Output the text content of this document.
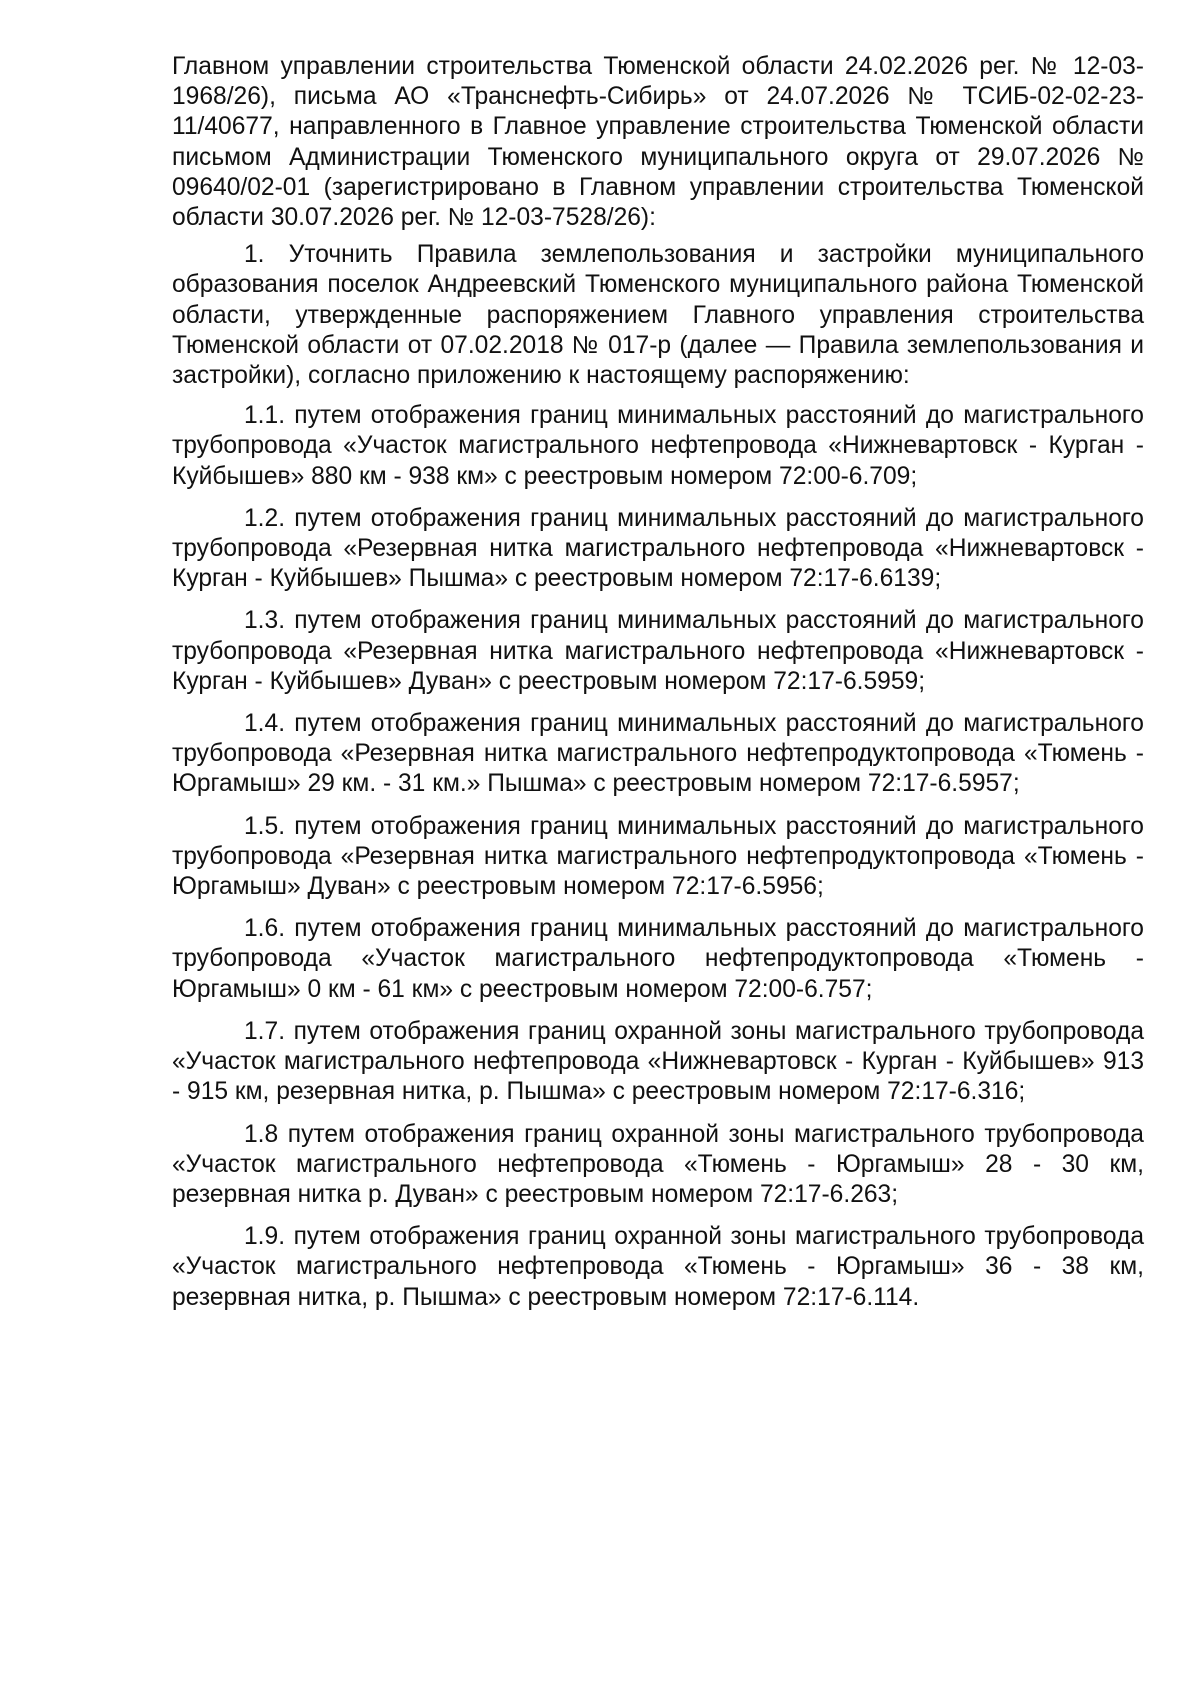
Главном управлении строительства Тюменской области 24.02.2026 рег. № 12-03-1968/26), письма АО «Транснефть-Сибирь» от 24.07.2026 № ТСИБ-02-02-23-11/40677, направленного в Главное управление строительства Тюменской области письмом Администрации Тюменского муниципального округа от 29.07.2026 № 09640/02-01 (зарегистрировано в Главном управлении строительства Тюменской области 30.07.2026 рег. № 12-03-7528/26):

1. Уточнить Правила землепользования и застройки муниципального образования поселок Андреевский Тюменского муниципального района Тюменской области, утвержденные распоряжением Главного управления строительства Тюменской области от 07.02.2018 № 017-р (далее — Правила землепользования и застройки), согласно приложению к настоящему распоряжению:

1.1. путем отображения границ минимальных расстояний до магистрального трубопровода «Участок магистрального нефтепровода «Нижневартовск - Курган - Куйбышев» 880 км - 938 км» с реестровым номером 72:00-6.709;

1.2. путем отображения границ минимальных расстояний до магистрального трубопровода «Резервная нитка магистрального нефтепровода «Нижневартовск - Курган - Куйбышев» Пышма» с реестровым номером 72:17-6.6139;

1.3. путем отображения границ минимальных расстояний до магистрального трубопровода «Резервная нитка магистрального нефтепровода «Нижневартовск - Курган - Куйбышев» Дуван» с реестровым номером 72:17-6.5959;

1.4. путем отображения границ минимальных расстояний до магистрального трубопровода «Резервная нитка магистрального нефтепродуктопровода «Тюмень - Юргамыш» 29 км. - 31 км.» Пышма» с реестровым номером 72:17-6.5957;

1.5. путем отображения границ минимальных расстояний до магистрального трубопровода «Резервная нитка магистрального нефтепродуктопровода «Тюмень - Юргамыш» Дуван» с реестровым номером 72:17-6.5956;

1.6. путем отображения границ минимальных расстояний до магистрального трубопровода «Участок магистрального нефтепродуктопровода «Тюмень - Юргамыш» 0 км - 61 км» с реестровым номером 72:00-6.757;

1.7. путем отображения границ охранной зоны магистрального трубопровода «Участок магистрального нефтепровода «Нижневартовск - Курган - Куйбышев» 913 - 915 км, резервная нитка, р. Пышма» с реестровым номером 72:17-6.316;

1.8 путем отображения границ охранной зоны магистрального трубопровода «Участок магистрального нефтепровода «Тюмень - Юргамыш» 28 - 30 км, резервная нитка р. Дуван» с реестровым номером 72:17-6.263;

1.9. путем отображения границ охранной зоны магистрального трубопровода «Участок магистрального нефтепровода «Тюмень - Юргамыш» 36 - 38 км, резервная нитка, р. Пышма» с реестровым номером 72:17-6.114.
